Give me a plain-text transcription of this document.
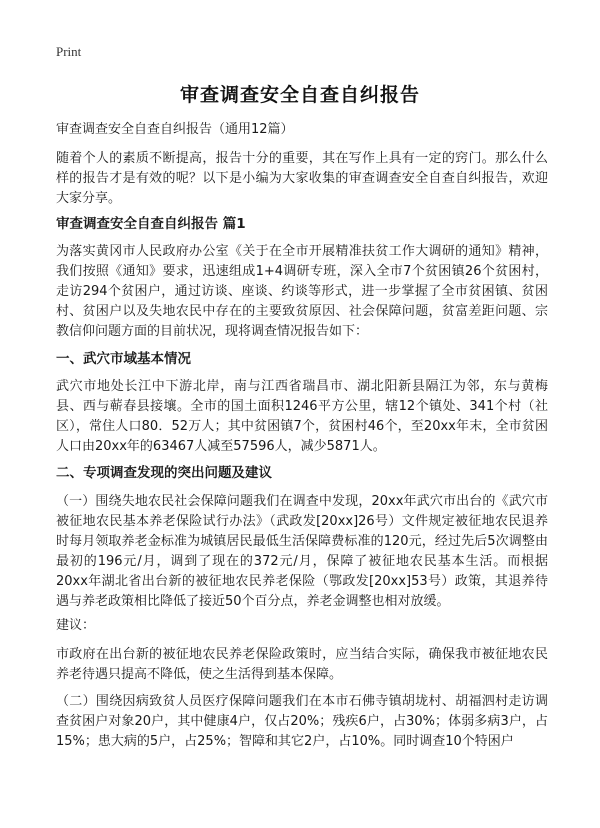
Print
审查调查安全自查自纠报告

审查调查安全自查自纠报告（通用12篇）

随着个人的素质不断提高，报告十分的重要，其在写作上具有一定的窍门。那么什么样的报告才是有效的呢？以下是小编为大家收集的审查调查安全自查自纠报告，欢迎大家分享。

审查调查安全自查自纠报告 篇1

为落实黄冈市人民政府办公室《关于在全市开展精准扶贫工作大调研的通知》精神，我们按照《通知》要求，迅速组成1+4调研专班，深入全市7个贫困镇26个贫困村，走访294个贫困户，通过访谈、座谈、约谈等形式，进一步掌握了全市贫困镇、贫困村、贫困户以及失地农民中存在的主要致贫原因、社会保障问题，贫富差距问题、宗教信仰问题方面的目前状况，现将调查情况报告如下：

一、武穴市域基本情况

武穴市地处长江中下游北岸，南与江西省瑞昌市、湖北阳新县隔江为邻，东与黄梅县、西与蕲春县接壤。全市的国土面积1246平方公里，辖12个镇处、341个村（社区），常住人口80．52万人；其中贫困镇7个，贫困村46个，至20xx年末，全市贫困人口由20xx年的63467人减至57596人，减少5871人。

二、专项调查发现的突出问题及建议

（一）围绕失地农民社会保障问题我们在调查中发现，20xx年武穴市出台的《武穴市被征地农民基本养老保险试行办法》（武政发[20xx]26号）文件规定被征地农民退养时每月领取养老金标准为城镇居民最低生活保障费标准的120元，经过先后5次调整由最初的196元/月，调到了现在的372元/月，保障了被征地农民基本生活。而根据20xx年湖北省出台新的被征地农民养老保险（鄂政发[20xx]53号）政策，其退养待遇与养老政策相比降低了接近50个百分点，养老金调整也相对放缓。

建议：

市政府在出台新的被征地农民养老保险政策时，应当结合实际，确保我市被征地农民养老待遇只提高不降低，使之生活得到基本保障。

（二）围绕因病致贫人员医疗保障问题我们在本市石佛寺镇胡垅村、胡福泗村走访调查贫困户对象20户，其中健康4户，仅占20%；残疾6户，占30%；体弱多病3户，占15%；患大病的5户，占25%；智障和其它2户，占10%。同时调查10个特困户
